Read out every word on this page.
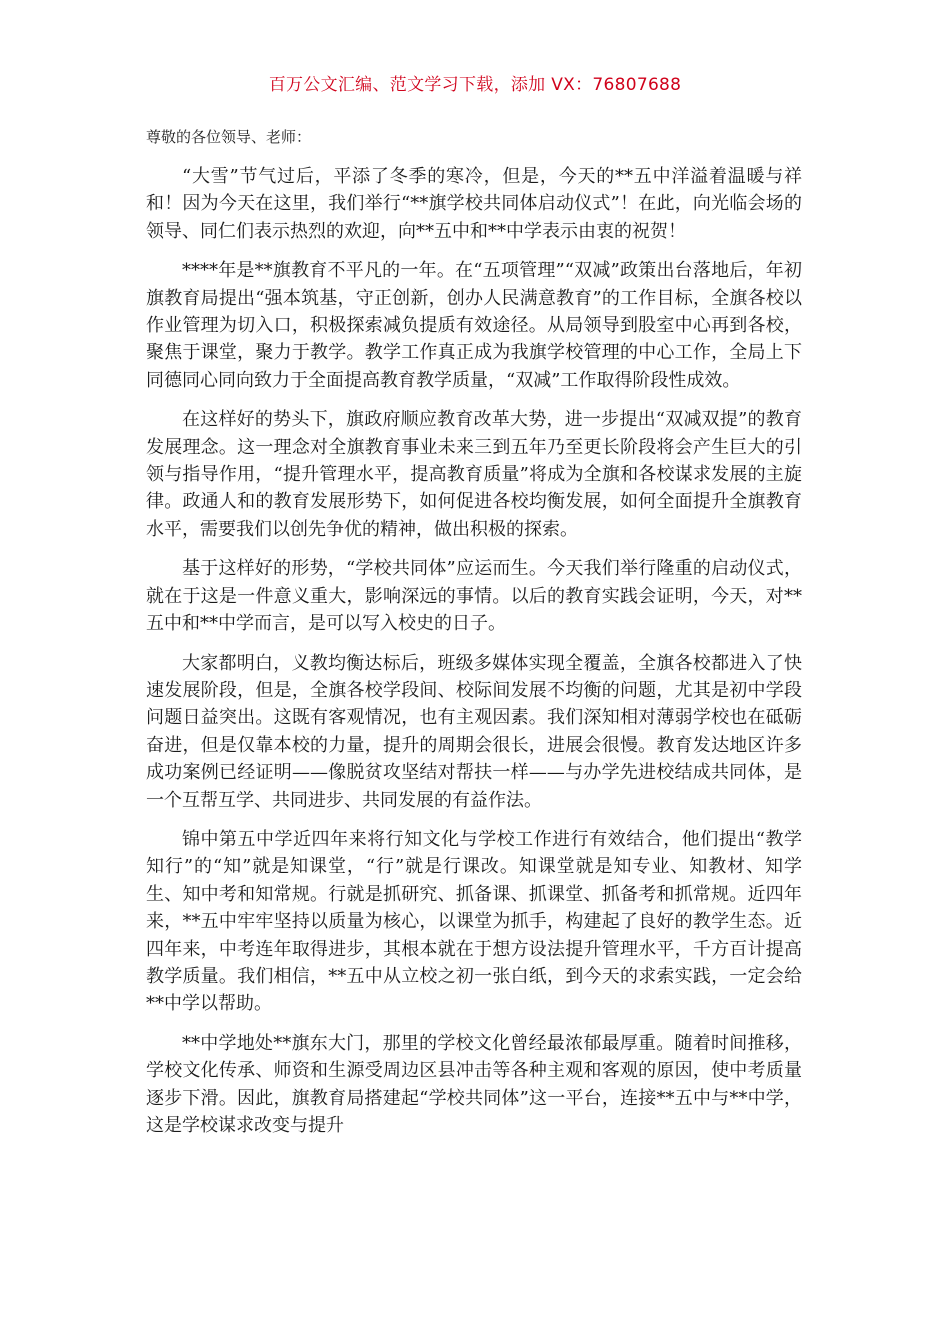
百万公文汇编、范文学习下载，添加 VX：76807688

尊敬的各位领导、老师：

“大雪”节气过后，平添了冬季的寒冷，但是，今天的**五中洋溢着温暖与祥和！因为今天在这里，我们举行“**旗学校共同体启动仪式”！在此，向光临会场的领导、同仁们表示热烈的欢迎，向**五中和**中学表示由衷的祝贺！

****年是**旗教育不平凡的一年。在“五项管理”“双减”政策出台落地后，年初旗教育局提出“强本筑基，守正创新，创办人民满意教育”的工作目标，全旗各校以作业管理为切入口，积极探索减负提质有效途径。从局领导到股室中心再到各校，聚焦于课堂，聚力于教学。教学工作真正成为我旗学校管理的中心工作，全局上下同德同心同向致力于全面提高教育教学质量，“双减”工作取得阶段性成效。

在这样好的势头下，旗政府顺应教育改革大势，进一步提出“双减双提”的教育发展理念。这一理念对全旗教育事业未来三到五年乃至更长阶段将会产生巨大的引领与指导作用，“提升管理水平，提高教育质量”将成为全旗和各校谋求发展的主旋律。政通人和的教育发展形势下，如何促进各校均衡发展，如何全面提升全旗教育水平，需要我们以创先争优的精神，做出积极的探索。

基于这样好的形势，“学校共同体”应运而生。今天我们举行隆重的启动仪式，就在于这是一件意义重大，影响深远的事情。以后的教育实践会证明，今天，对**五中和**中学而言，是可以写入校史的日子。

大家都明白，义教均衡达标后，班级多媒体实现全覆盖，全旗各校都进入了快速发展阶段，但是，全旗各校学段间、校际间发展不均衡的问题，尤其是初中学段问题日益突出。这既有客观情况，也有主观因素。我们深知相对薄弱学校也在砥砺奋进，但是仅靠本校的力量，提升的周期会很长，进展会很慢。教育发达地区许多成功案例已经证明——像脱贫攻坚结对帮扶一样——与办学先进校结成共同体，是一个互帮互学、共同进步、共同发展的有益作法。

锦中第五中学近四年来将行知文化与学校工作进行有效结合，他们提出“教学知行”的“知”就是知课堂，“行”就是行课改。知课堂就是知专业、知教材、知学生、知中考和知常规。行就是抓研究、抓备课、抓课堂、抓备考和抓常规。近四年来，**五中牢牢坚持以质量为核心，以课堂为抓手，构建起了良好的教学生态。近四年来，中考连年取得进步，其根本就在于想方设法提升管理水平，千方百计提高教学质量。我们相信，**五中从立校之初一张白纸，到今天的求索实践，一定会给**中学以帮助。

**中学地处**旗东大门，那里的学校文化曾经最浓郁最厚重。随着时间推移，学校文化传承、师资和生源受周边区县冲击等各种主观和客观的原因，使中考质量逐步下滑。因此，旗教育局搭建起“学校共同体”这一平台，连接**五中与**中学，这是学校谋求改变与提升
